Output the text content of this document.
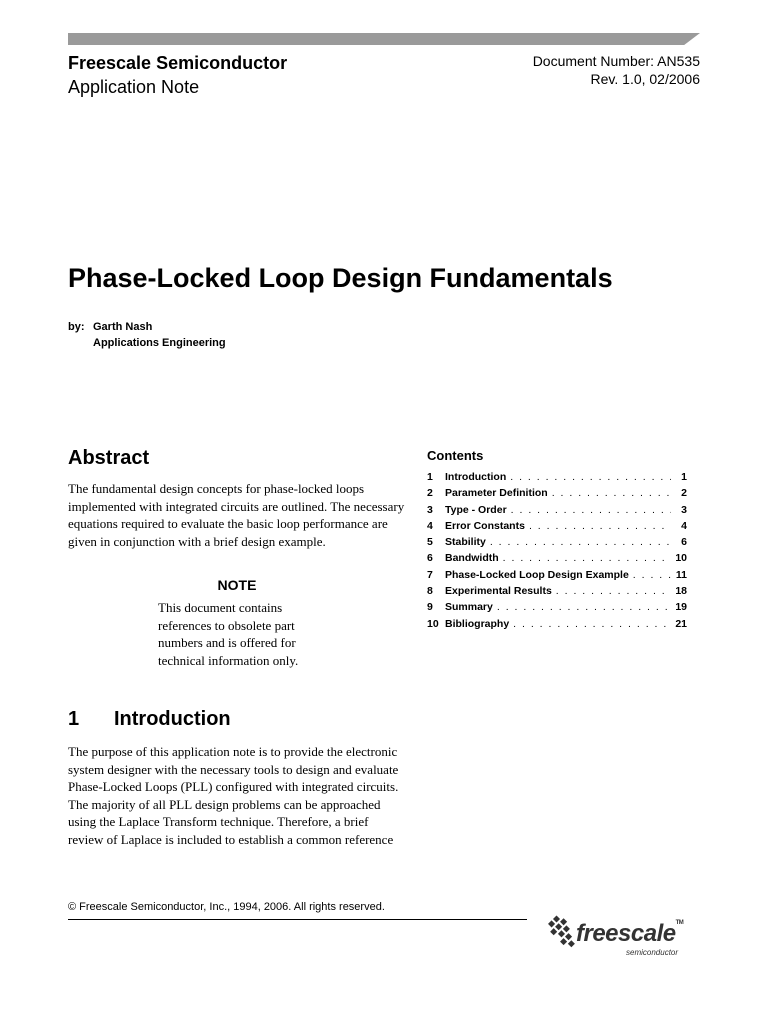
Freescale Semiconductor
Application Note
Document Number: AN535
Rev. 1.0, 02/2006
Phase-Locked Loop Design Fundamentals
by: Garth Nash
Applications Engineering
Abstract
The fundamental design concepts for phase-locked loops implemented with integrated circuits are outlined. The necessary equations required to evaluate the basic loop performance are given in conjunction with a brief design example.
NOTE
This document contains references to obsolete part numbers and is offered for technical information only.
1 Introduction
The purpose of this application note is to provide the electronic system designer with the necessary tools to design and evaluate Phase-Locked Loops (PLL) configured with integrated circuits. The majority of all PLL design problems can be approached using the Laplace Transform technique. Therefore, a brief review of Laplace is included to establish a common reference
Contents
1	Introduction . . .	1
2	Parameter Definition . . .	2
3	Type - Order . . .	3
4	Error Constants . . .	4
5	Stability . . .	6
6	Bandwidth . . .	10
7	Phase-Locked Loop Design Example . . .	11
8	Experimental Results . . .	18
9	Summary . . .	19
10 Bibliography . . .	21
© Freescale Semiconductor, Inc., 1994, 2006. All rights reserved.
freescale™
semiconductor
